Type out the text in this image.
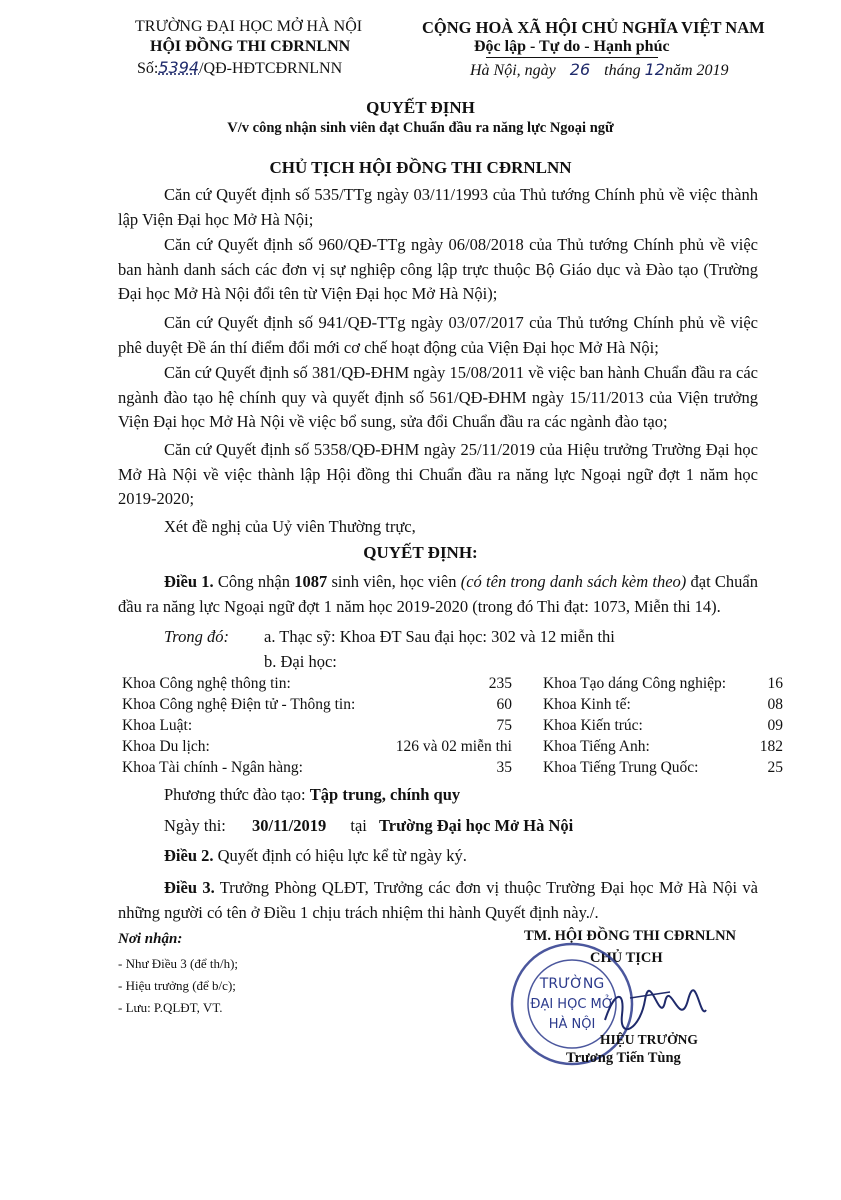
TRƯỜNG ĐẠI HỌC MỞ HÀ NỘI
HỘI ĐỒNG THI CĐRNLNN
Số:5394/QĐ-HĐTCĐRNLNN
CỘNG HOÀ XÃ HỘI CHỦ NGHĨA VIỆT NAM
Độc lập - Tự do - Hạnh phúc
Hà Nội, ngày 26 tháng 12năm 2019
QUYẾT ĐỊNH
V/v công nhận sinh viên đạt Chuẩn đầu ra năng lực Ngoại ngữ
CHỦ TỊCH HỘI ĐỒNG THI CĐRNLNN
Căn cứ Quyết định số 535/TTg ngày 03/11/1993 của Thủ tướng Chính phủ về việc thành lập Viện Đại học Mở Hà Nội;
Căn cứ Quyết định số 960/QĐ-TTg ngày 06/08/2018 của Thủ tướng Chính phủ về việc ban hành danh sách các đơn vị sự nghiệp công lập trực thuộc Bộ Giáo dục và Đào tạo (Trường Đại học Mở Hà Nội đổi tên từ Viện Đại học Mở Hà Nội);
Căn cứ Quyết định số 941/QĐ-TTg ngày 03/07/2017 của Thủ tướng Chính phủ về việc phê duyệt Đề án thí điểm đổi mới cơ chế hoạt động của Viện Đại học Mở Hà Nội;
Căn cứ Quyết định số 381/QĐ-ĐHM ngày 15/08/2011 về việc ban hành Chuẩn đầu ra các ngành đào tạo hệ chính quy và quyết định số 561/QĐ-ĐHM ngày 15/11/2013 của Viện trưởng Viện Đại học Mở Hà Nội về việc bổ sung, sửa đổi Chuẩn đầu ra các ngành đào tạo;
Căn cứ Quyết định số 5358/QĐ-ĐHM ngày 25/11/2019 của Hiệu trưởng Trường Đại học Mở Hà Nội về việc thành lập Hội đồng thi Chuẩn đầu ra năng lực Ngoại ngữ đợt 1 năm học 2019-2020;
Xét đề nghị của Uỷ viên Thường trực,
QUYẾT ĐỊNH:
Điều 1. Công nhận 1087 sinh viên, học viên (có tên trong danh sách kèm theo) đạt Chuẩn đầu ra năng lực Ngoại ngữ đợt 1 năm học 2019-2020 (trong đó Thi đạt: 1073, Miễn thi 14).
Trong đó: a. Thạc sỹ: Khoa ĐT Sau đại học: 302 và 12 miễn thi
b. Đại học:
Khoa Công nghệ thông tin:	235
Khoa Công nghệ Điện tử - Thông tin:	60
Khoa Luật:	75
Khoa Du lịch:	126 và 02 miễn thi
Khoa Tài chính - Ngân hàng:	35
Khoa Tạo dáng Công nghiệp:	16
Khoa Kinh tế:	08
Khoa Kiến trúc:	09
Khoa Tiếng Anh:	182
Khoa Tiếng Trung Quốc:	25
Phương thức đào tạo: Tập trung, chính quy
Ngày thi: 30/11/2019 tại Trường Đại học Mở Hà Nội
Điều 2. Quyết định có hiệu lực kể từ ngày ký.
Điều 3. Trưởng Phòng QLĐT, Trưởng các đơn vị thuộc Trường Đại học Mở Hà Nội và những người có tên ở Điều 1 chịu trách nhiệm thi hành Quyết định này./.
Nơi nhận:
- Như Điều 3 (để th/h);
- Hiệu trưởng (để b/c);
- Lưu: P.QLĐT, VT.
TM. HỘI ĐỒNG THI CĐRNLNN
CHỦ TỊCH
TRƯỜNG
ĐẠI HỌC MỞ
HÀ NỘI
HIỆU TRƯỞNG
Trương Tiến Tùng
